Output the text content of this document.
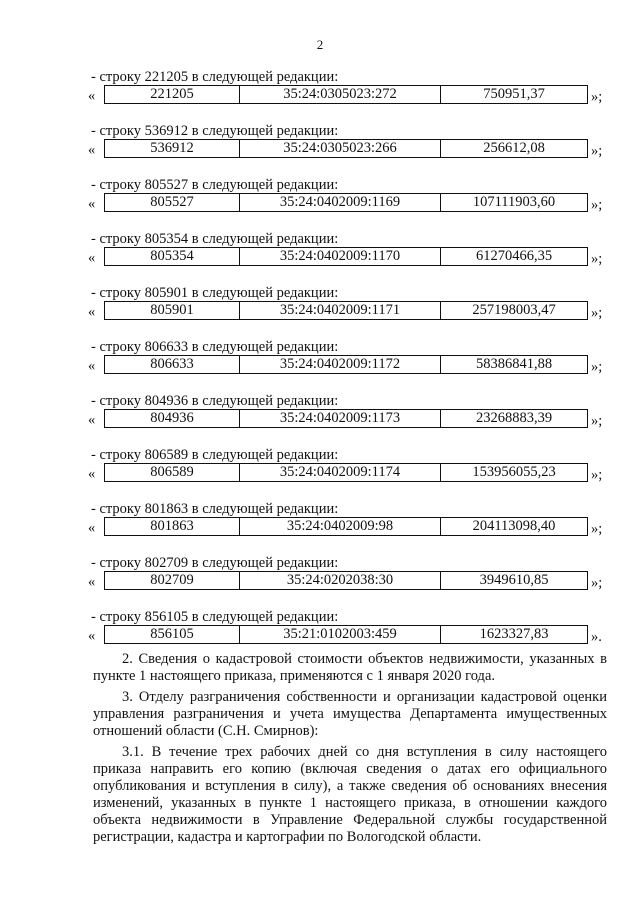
2
- строку 221205 в следующей редакции:
«	221205	35:24:0305023:272	750951,37	»;
- строку 536912 в следующей редакции:
«	536912	35:24:0305023:266	256612,08	»;
- строку 805527 в следующей редакции:
«	805527	35:24:0402009:1169	107111903,60 »;
- строку 805354 в следующей редакции:
«	805354	35:24:0402009:1170	61270466,35	»;
- строку 805901 в следующей редакции:
«	805901	35:24:0402009:1171	257198003,47 »;
- строку 806633 в следующей редакции:
«	806633	35:24:0402009:1172	58386841,88	»;
- строку 804936 в следующей редакции:
«	804936	35:24:0402009:1173	23268883,39	»;
- строку 806589 в следующей редакции:
«	806589	35:24:0402009:1174	153956055,23 »;
- строку 801863 в следующей редакции:
«	801863	35:24:0402009:98	204113098,40 »;
- строку 802709 в следующей редакции:
«	802709	35:24:0202038:30	3949610,85	»;
- строку 856105 в следующей редакции:
«	856105	35:21:0102003:459	1623327,83	».

2. Сведения о кадастровой стоимости объектов недвижимости, указанных в пункте 1 настоящего приказа, применяются с 1 января 2020 года.

3. Отделу разграничения собственности и организации кадастровой оценки управления разграничения и учета имущества Департамента имущественных отношений области (С.Н. Смирнов):

3.1. В течение трех рабочих дней со дня вступления в силу настоящего приказа направить его копию (включая сведения о датах его официального опубликования и вступления в силу), а также сведения об основаниях внесения изменений, указанных в пункте 1 настоящего приказа, в отношении каждого объекта недвижимости в Управление Федеральной службы государственной регистрации, кадастра и картографии по Вологодской области.
